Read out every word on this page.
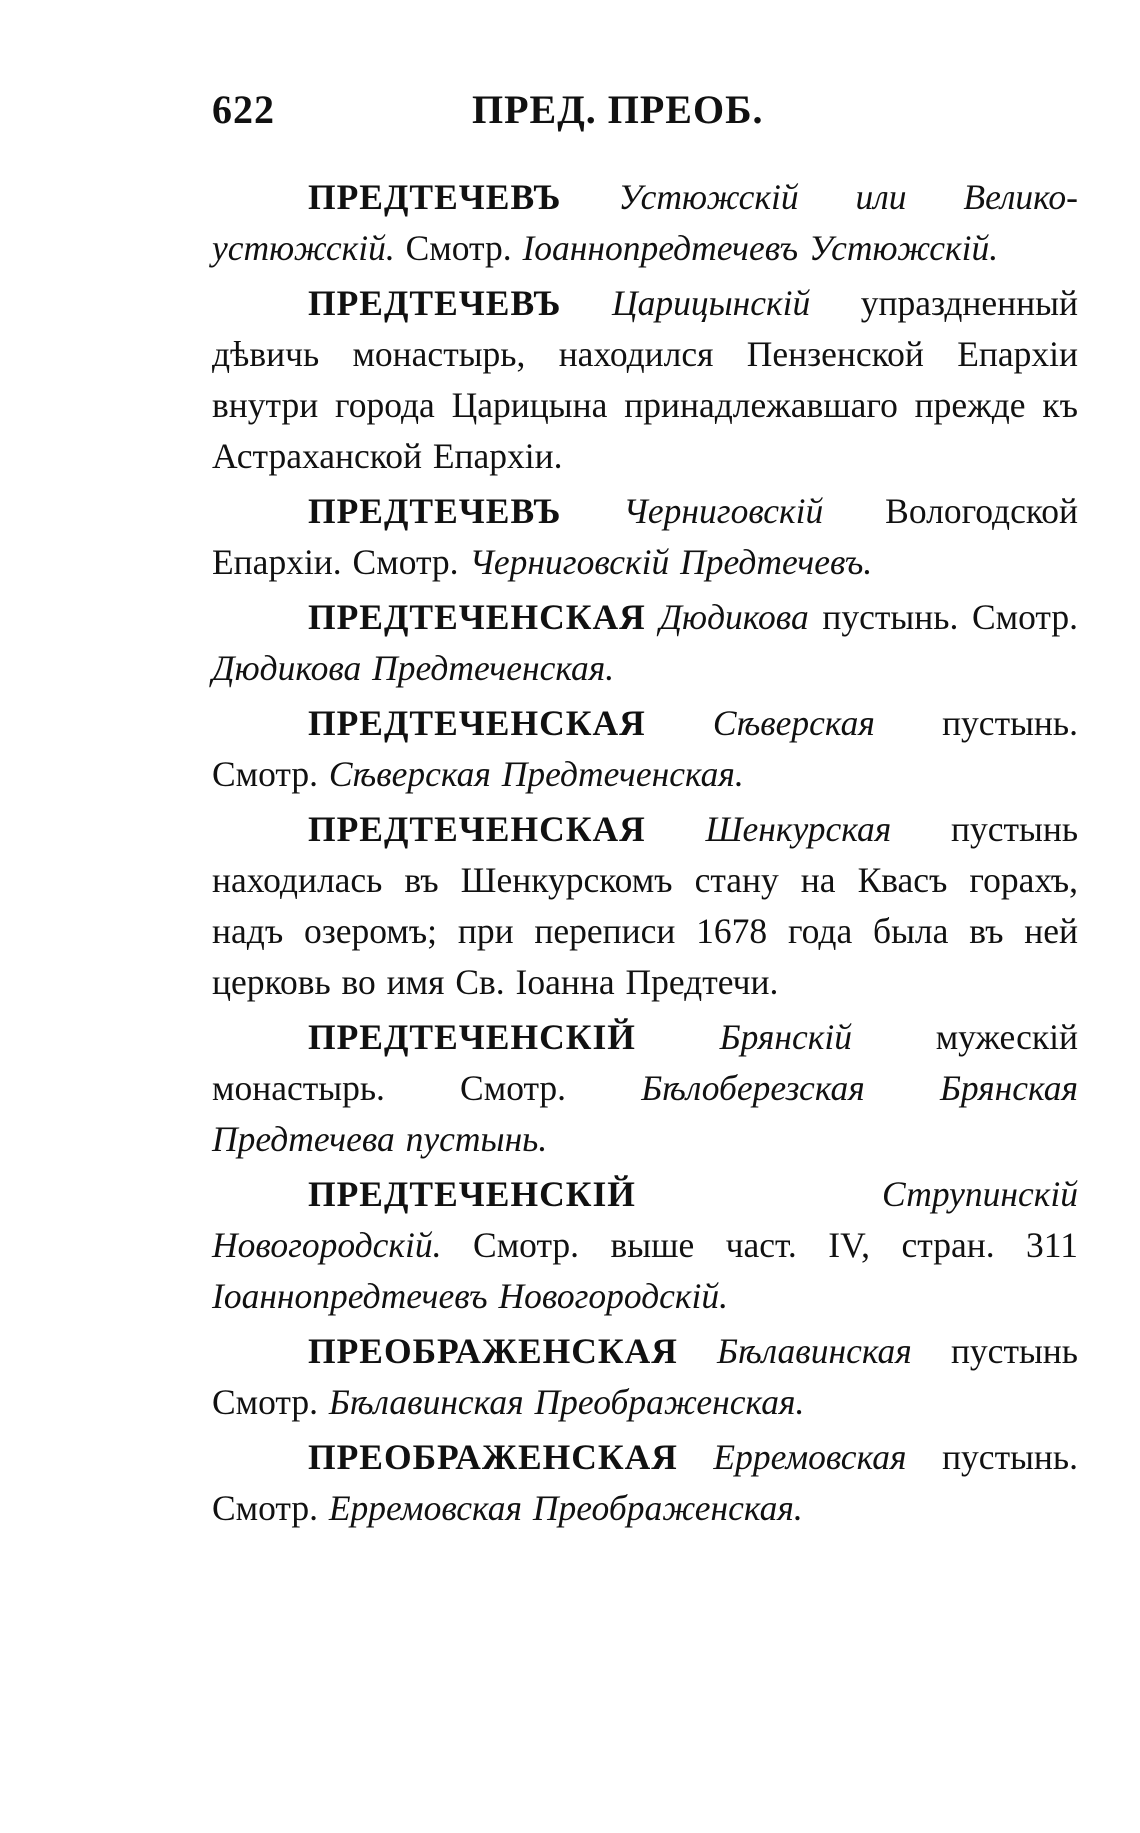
622	ПРЕД. ПРЕОБ.

ПРЕДТЕЧЕВЪ Устюжскій или Велико-устюжскій. Смотр. Іоаннопредтечевъ Устюжскій.

ПРЕДТЕЧЕВЪ Царицынскій упраздненный дѣвичь монастырь, находился Пензенской Епархіи внутри города Царицына принадлежавшаго прежде къ Астраханской Епархіи.

ПРЕДТЕЧЕВЪ Черниговскій Вологодской Епархіи. Смотр. Черниговскій Предтечевъ.

ПРЕДТЕЧЕНСКАЯ Дюдикова пустынь. Смотр. Дюдикова Предтеченская.

ПРЕДТЕЧЕНСКАЯ Сѣверская пустынь. Смотр. Сѣверская Предтеченская.

ПРЕДТЕЧЕНСКАЯ Шенкурская пустынь находилась въ Шенкурскомъ стану на Квасъ горахъ, надъ озеромъ; при переписи 1678 года была въ ней церковь во имя Св. Іоанна Предтечи.

ПРЕДТЕЧЕНСКІЙ Брянскій мужескій монастырь. Смотр. Бѣлоберезская Брянская Предтечева пустынь.

ПРЕДТЕЧЕНСКІЙ	Струпинскій Новогородскій. Смотр. выше част. IV, стран. 311 Іоаннопредтечевъ Новогородскій.

ПРЕОБРАЖЕНСКАЯ Бѣлавинская пустынь Смотр. Бѣлавинская Преображенская.

ПРЕОБРАЖЕНСКАЯ Ерремовская пустынь. Смотр. Ерремовская Преображенская.
